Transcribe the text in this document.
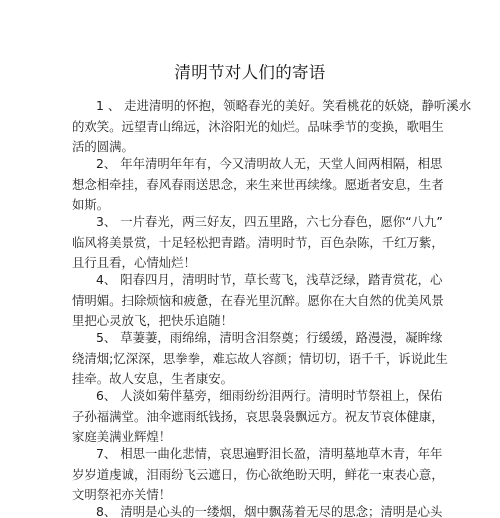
清明节对人们的寄语
1 、 走进清明的怀抱，领略春光的美好。笑看桃花的妖娆，静听溪水
的欢笑。远望青山绵远，沐浴阳光的灿烂。品味季节的变换，歌唱生
活的圆满。
2、 年年清明年年有，今又清明故人无，天堂人间两相隔，相思
想念相牵挂，春风春雨送思念，来生来世再续缘。愿逝者安息，生者
如斯。
3、 一片春光，两三好友，四五里路，六七分春色，愿你“八九”
临风将美景赏，十足轻松把青踏。清明时节，百色杂陈，千红万紫，
且行且看，心情灿烂！
4、 阳春四月，清明时节，草长莺飞，浅草泛绿，踏青赏花，心
情明媚。扫除烦恼和疲惫，在春光里沉醉。愿你在大自然的优美风景
里把心灵放飞，把快乐追随！
5、 草萋萋，雨绵绵，清明含泪祭奠；行缓缓，路漫漫，凝眸缘
绕清烟;忆深深，思拳拳，难忘故人容颜；情切切，语千千，诉说此生
挂牵。故人安息，生者康安。
6、 人淡如菊伴墓旁，细雨纷纷泪两行。清明时节祭祖上，保佑
子孙福满堂。油伞遮雨纸钱扬，哀思袅袅飘远方。祝友节哀体健康，
家庭美满业辉煌！
7、 相思一曲化悲情，哀思遍野泪长盈，清明墓地草木青，年年
岁岁道虔诚，泪雨纷飞云遮日，伤心欲绝盼天明，鲜花一束表心意，
文明祭祀亦关情！
8、 清明是心头的一缕烟，烟中飘荡着无尽的思念；清明是心头
